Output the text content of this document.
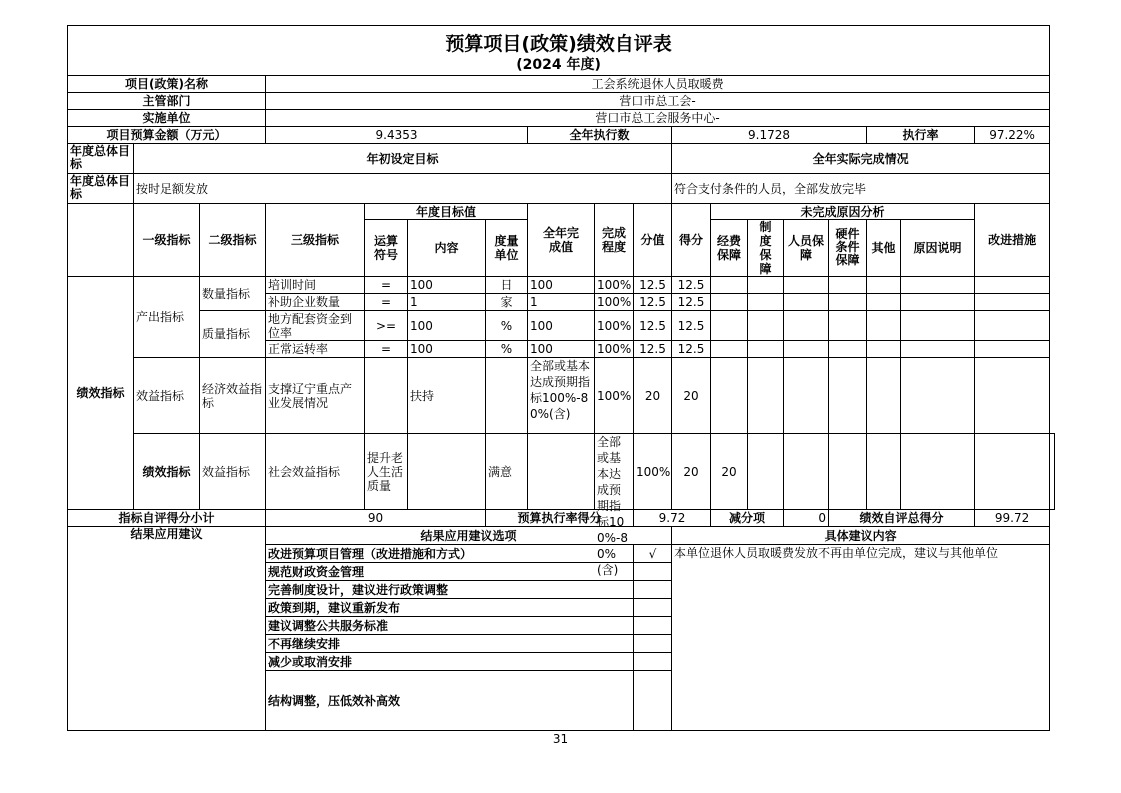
预算项目(政策)绩效自评表
(2024 年度)																		

项目(政策)名称			工会系统退休人员取暖费															
主管部门			营口市总工会-															
实施单位			营口市总工会服务中心-															
项目预算金额（万元）			9.4353				全年执行数			9.1728					执行率		97.22%	
年度总体目标	年初设定目标									全年实际完成情况								
年度总体目标	按时足额发放									符合支付条件的人员，全部发放完毕								
	一级指标	二级指标	三级指标	年度目标值			全年完成值	完成程度	分值	得分	未完成原因分析						改进措施	
				运算符号	内容	度量单位					经费保障	制度保障	人员保障	硬件条件保障	其他	原因说明		

绩效指标	产出指标	数量指标	培训时间	=	100	日	100	100%	12.5	12.5								
			补助企业数量	=	1	家	1	100%	12.5	12.5								
		质量指标	地方配套资金到位率	>=	100	%	100	100%	12.5	12.5								
			正常运转率	=	100	%	100	100%	12.5	12.5								
	效益指标	经济效益指标	支撑辽宁重点产业发展情况		扶持		全部或基本达成预期指标100%-80%(含)	100%	20	20								
	绩效指标	效益指标	社会效益指标	提升老人生活质量		满意		全部或基本达成预期指标100%-80%(含)	100%	20	20							
指标自评得分小计			90			预算执行率得分			9.72		减分项		0	绩效自评总得分			99.72	
结果应用建议			结果应用建议选项							具体建议内容								
			改进预算项目管理（改进措施和方式）						√	本单位退休人员取暖费发放不再由单位完成，建议与其他单位								
			规范财政资金管理															
			完善制度设计，建议进行政策调整															
			政策到期，建议重新发布															
			建议调整公共服务标准															
			不再继续安排															
			减少或取消安排															
			结构调整，压低效补高效															
31
